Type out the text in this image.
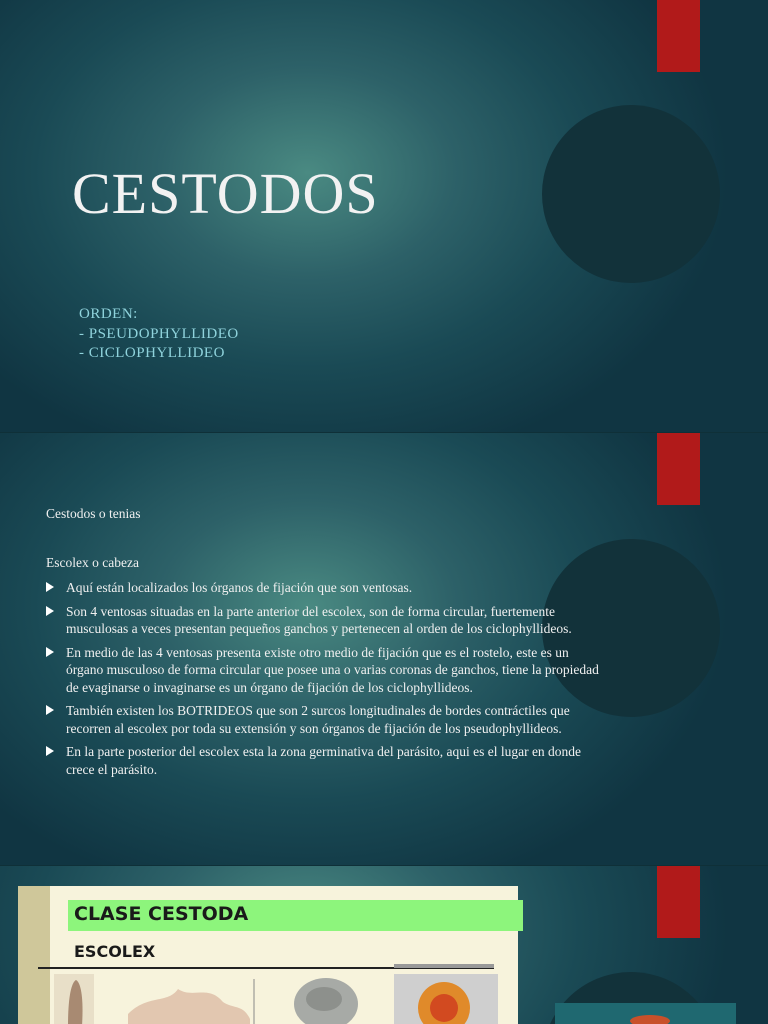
CESTODOS
ORDEN:
- PSEUDOPHYLLIDEO
- CICLOPHYLLIDEO
Cestodos o tenias
Escolex o cabeza
Aquí están localizados los órganos de fijación que son ventosas.
Son 4 ventosas situadas en la parte anterior del escolex, son de forma circular, fuertemente musculosas a veces presentan pequeños ganchos y pertenecen al orden de los ciclophyllideos.
En medio de las 4 ventosas presenta existe otro medio de fijación que es el rostelo, este es un órgano musculoso de forma circular que posee una o varias coronas de ganchos, tiene la propiedad de evaginarse o invaginarse es un órgano de fijación de los ciclophyllideos.
También existen los BOTRIDEOS que son 2 surcos longitudinales de bordes contráctiles que recorren al escolex por toda su extensión y son órganos de fijación de los pseudophyllideos.
En la parte posterior del escolex esta la zona germinativa del parásito, aqui es el lugar en donde crece el parásito.
CLASE CESTODA
ESCOLEX
